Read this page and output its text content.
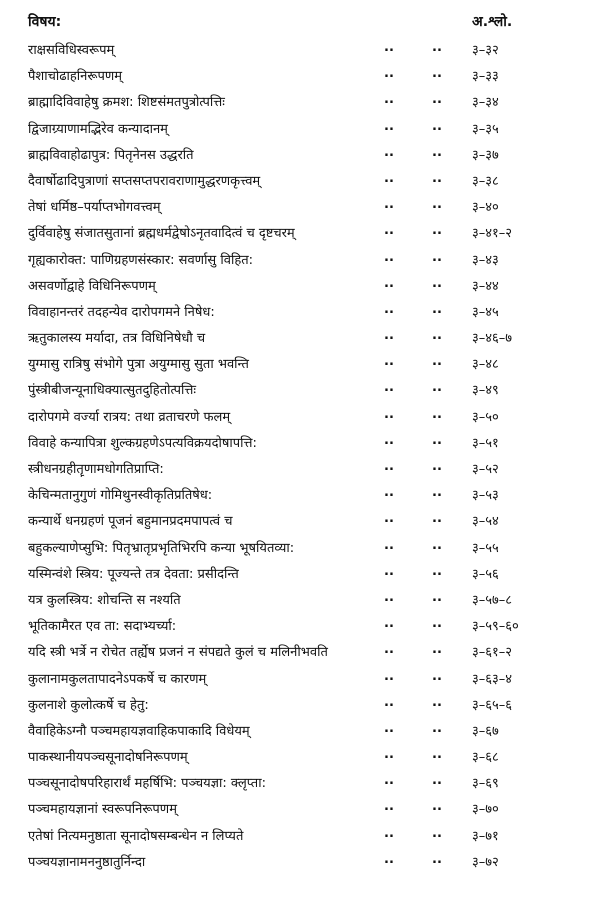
विषय:	अ.श्लो.
राक्षसविधिस्वरूपम्	..	.. ३–३२
पैशाचोढाहनिरूपणम्	..	.. ३–३३
ब्राह्मादिविवाहेषु क्रमश: शिष्टसंमतपुत्रोत्पत्तिः	..	.. ३–३४
द्विजाग्र्याणामद्भिरेव कन्यादानम्	..	.. ३–३५
ब्राह्मविवाहोढापुत्र: पितृनेनस उद्धरति	..	.. ३–३७
दैवार्षोढादिपुत्राणां सप्तसप्तपरावराणामुद्धरणकृत्त्वम्	..	.. ३–३८
तेषां धर्मिष्ठ–पर्याप्तभोगवत्त्वम्	..	.. ३–४०
दुर्विवाहेषु संजातसुतानां ब्रह्मधर्मद्वेषोऽनृतवादित्वं च दृष्टचरम्	..	.. ३–४१–२
गृह्यकारोक्त: पाणिग्रहणसंस्कार: सवर्णासु विहित:	..	.. ३–४३
असवर्णोद्वाहे विधिनिरूपणम्	..	.. ३–४४
विवाहानन्तरं तदहन्येव दारोपगमने निषेध:	..	.. ३–४५
ऋतुकालस्य मर्यादा, तत्र विधिनिषेधौ च	..	.. ३–४६–७
युग्मासु रात्रिषु संभोगे पुत्रा अयुग्मासु सुता भवन्ति	..	.. ३–४८
पुंस्त्रीबीजन्यूनाधिक्यात्सुतदुहितोत्पत्तिः	..	.. ३–४९
दारोपगमे वर्ज्या रात्रय: तथा व्रताचरणे फलम्	..	.. ३–५०
विवाहे कन्यापित्रा शुल्कग्रहणेऽपत्यविक्रयदोषापत्ति:	..	.. ३–५१
स्त्रीधनग्रहीतॄणामधोगतिप्राप्ति:	..	.. ३–५२
केचिन्मतानुगुणं गोमिथुनस्वीकृतिप्रतिषेध:	..	.. ३–५३
कन्यार्थे धनग्रहणं पूजनं बहुमानप्रदमपापत्वं च	..	.. ३–५४
बहुकल्याणेप्सुभि: पितृभ्रातृप्रभृतिभिरपि कन्या भूषयितव्या:	..	.. ३–५५
यस्मिन्वंशे स्त्रिय: पूज्यन्ते तत्र देवता: प्रसीदन्ति	..	.. ३–५६
यत्र कुलस्त्रिय: शोचन्ति स नश्यति	..	.. ३–५७–८
भूतिकामैरत एव ता: सदाभ्यर्च्या:	..	.. ३–५९–६०
यदि स्त्री भर्त्रे न रोचेत तर्ह्येष प्रजनं न संपद्यते कुलं च मलिनीभवति	..	.. ३–६१–२
कुलानामकुलतापादनेऽपकर्षे च कारणम्	..	.. ३–६३–४
कुलनाशे कुलोत्कर्षे च हेतु:	..	.. ३–६५–६
वैवाहिकेऽग्नौ पञ्चमहायज्ञवाहिकपाकादि विधेयम्	..	.. ३–६७
पाकस्थानीयपञ्चसूनादोषनिरूपणम्	..	.. ३–६८
पञ्चसूनादोषपरिहारार्थं महर्षिभि: पञ्चयज्ञा: क्लृप्ता:	..	.. ३–६९
पञ्चमहायज्ञानां स्वरूपनिरूपणम्	..	.. ३–७०
एतेषां नित्यमनुष्ठाता सूनादोषसम्बन्धेन न लिप्यते	..	.. ३–७१
पञ्चयज्ञानामननुष्ठातुर्निन्दा	..	.. ३–७२
